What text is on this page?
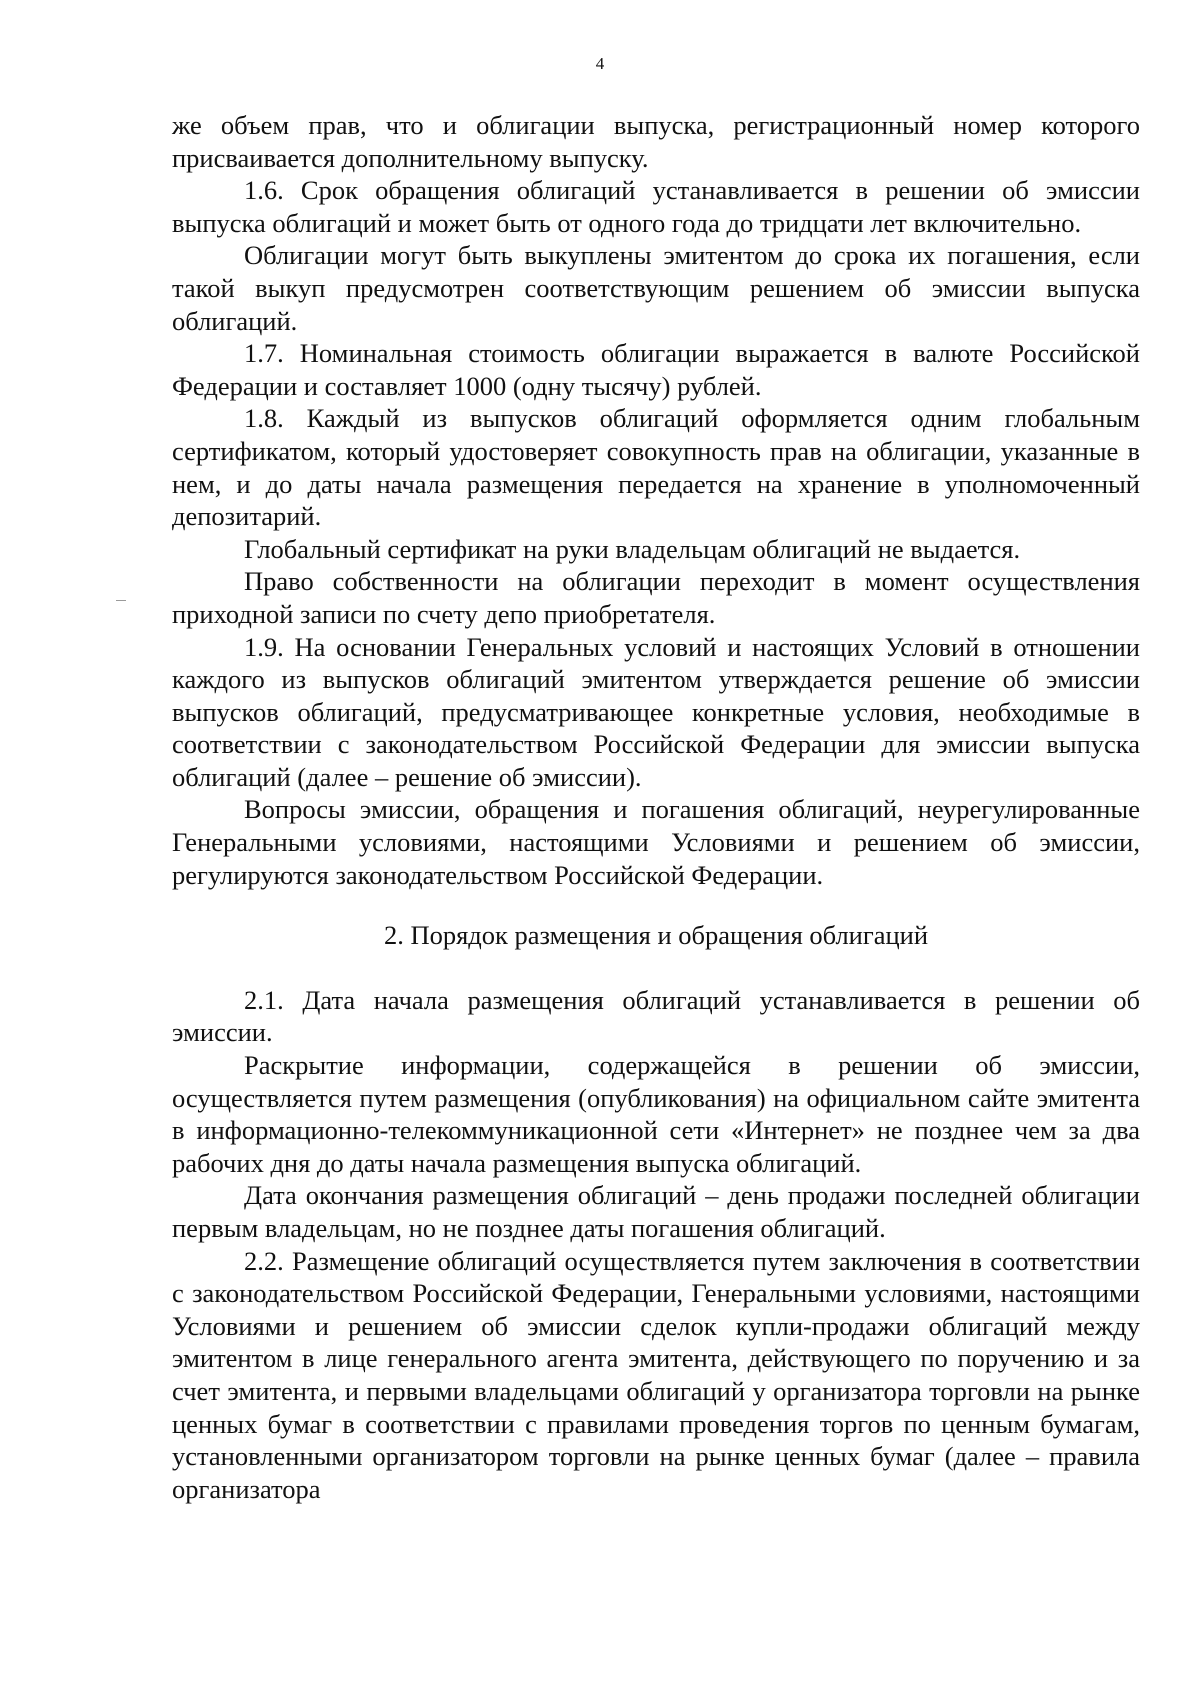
4

же объем прав, что и облигации выпуска, регистрационный номер которого присваивается дополнительному выпуску.

1.6. Срок обращения облигаций устанавливается в решении об эмиссии выпуска облигаций и может быть от одного года до тридцати лет включительно.

Облигации могут быть выкуплены эмитентом до срока их погашения, если такой выкуп предусмотрен соответствующим решением об эмиссии выпуска облигаций.

1.7. Номинальная стоимость облигации выражается в валюте Российской Федерации и составляет 1000 (одну тысячу) рублей.

1.8. Каждый из выпусков облигаций оформляется одним глобальным сертификатом, который удостоверяет совокупность прав на облигации, указанные в нем, и до даты начала размещения передается на хранение в уполномоченный депозитарий.

Глобальный сертификат на руки владельцам облигаций не выдается.

Право собственности на облигации переходит в момент осуществления приходной записи по счету депо приобретателя.

1.9. На основании Генеральных условий и настоящих Условий в отношении каждого из выпусков облигаций эмитентом утверждается решение об эмиссии выпусков облигаций, предусматривающее конкретные условия, необходимые в соответствии с законодательством Российской Федерации для эмиссии выпуска облигаций (далее – решение об эмиссии).

Вопросы эмиссии, обращения и погашения облигаций, неурегулированные Генеральными условиями, настоящими Условиями и решением об эмиссии, регулируются законодательством Российской Федерации.

2. Порядок размещения и обращения облигаций

2.1. Дата начала размещения облигаций устанавливается в решении об эмиссии.

Раскрытие информации, содержащейся в решении об эмиссии, осуществляется путем размещения (опубликования) на официальном сайте эмитента в информационно-телекоммуникационной сети «Интернет» не позднее чем за два рабочих дня до даты начала размещения выпуска облигаций.

Дата окончания размещения облигаций – день продажи последней облигации первым владельцам, но не позднее даты погашения облигаций.

2.2. Размещение облигаций осуществляется путем заключения в соответствии с законодательством Российской Федерации, Генеральными условиями, настоящими Условиями и решением об эмиссии сделок купли-продажи облигаций между эмитентом в лице генерального агента эмитента, действующего по поручению и за счет эмитента, и первыми владельцами облигаций у организатора торговли на рынке ценных бумаг в соответствии с правилами проведения торгов по ценным бумагам, установленными организатором торговли на рынке ценных бумаг (далее – правила организатора
